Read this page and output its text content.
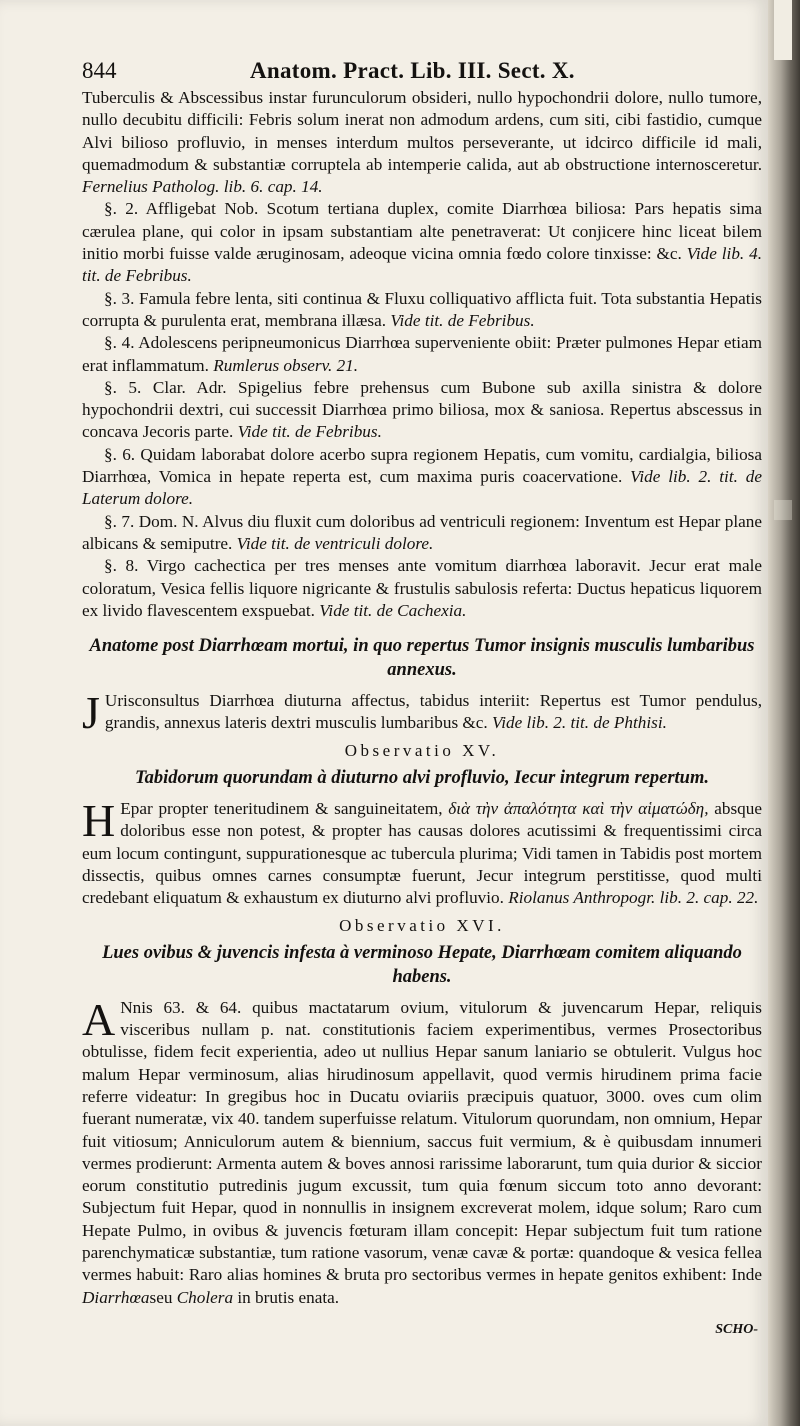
844	Anatom. Pract. Lib. III. Sect. X.

Tuberculis & Abscessibus instar furunculorum obsideri, nullo hypochondrii dolore, nullo tumore, nullo decubitu difficili: Febris solum inerat non admodum ardens, cum siti, cibi fastidio, cumque Alvi bilioso profluvio, in menses interdum multos perseverante, ut idcirco difficile id mali, quemadmodum & substantiæ corruptela ab intemperie calida, aut ab obstructione internosceretur. Fernelius Patholog. lib. 6. cap. 14.

§. 2. Affligebat Nob. Scotum tertiana duplex, comite Diarrhœa biliosa: Pars hepatis sima cærulea plane, qui color in ipsam substantiam alte penetraverat: Ut conjicere hinc liceat bilem initio morbi fuisse valde æruginosam, adeoque vicina omnia fœdo colore tinxisse: &c. Vide lib. 4. tit. de Febribus.

§. 3. Famula febre lenta, siti continua & Fluxu colliquativo afflicta fuit. Tota substantia Hepatis corrupta & purulenta erat, membrana illæsa. Vide tit. de Febribus.

§. 4. Adolescens peripneumonicus Diarrhœa superveniente obiit: Præter pulmones Hepar etiam erat inflammatum. Rumlerus observ. 21.

§. 5. Clar. Adr. Spigelius febre prehensus cum Bubone sub axilla sinistra & dolore hypochondrii dextri, cui successit Diarrhœa primo biliosa, mox & saniosa. Repertus abscessus in concava Jecoris parte. Vide tit. de Febribus.

§. 6. Quidam laborabat dolore acerbo supra regionem Hepatis, cum vomitu, cardialgia, biliosa Diarrhœa, Vomica in hepate reperta est, cum maxima puris coacervatione. Vide lib. 2. tit. de Laterum dolore.

§. 7. Dom. N. Alvus diu fluxit cum doloribus ad ventriculi regionem: Inventum est Hepar plane albicans & semiputre. Vide tit. de ventriculi dolore.

§. 8. Virgo cachectica per tres menses ante vomitum diarrhœa laboravit. Jecur erat male coloratum, Vesica fellis liquore nigricante & frustulis sabulosis referta: Ductus hepaticus liquorem ex livido flavescentem exspuebat. Vide tit. de Cachexia.

Anatome post Diarrhœam mortui, in quo repertus Tumor insignis musculis lumbaribus annexus.

J Urisconsultus Diarrhœa diuturna affectus, tabidus interiit: Repertus est Tumor pendulus, grandis, annexus lateris dextri musculis lumbaribus &c. Vide lib. 2. tit. de Phthisi.

Observatio XV.
Tabidorum quorundam à diuturno alvi profluvio, Iecur integrum repertum.

H Epar propter teneritudinem & sanguineitatem, διὰ τὴν ἀπαλότητα καὶ τὴν αἱματώδη, absque doloribus esse non potest, & propter has causas dolores acutissimi & frequentissimi circa eum locum contingunt, suppurationesque ac tubercula plurima; Vidi tamen in Tabidis post mortem dissectis, quibus omnes carnes consumptæ fuerunt, Jecur integrum perstitisse, quod multi credebant eliquatum & exhaustum ex diuturno alvi profluvio. Riolanus Anthropogr. lib. 2. cap. 22.

Observatio XVI.
Lues ovibus & juvencis infesta à verminoso Hepate, Diarrhœam comitem aliquando habens.

A Nnis 63. & 64. quibus mactatarum ovium, vitulorum & juvencarum Hepar, reliquis visceribus nullam p. nat. constitutionis faciem experimentibus, vermes Prosectoribus obtulisse, fidem fecit experientia, adeo ut nullius Hepar sanum laniario se obtulerit. Vulgus hoc malum Hepar verminosum, alias hirudinosum appellavit, quod vermis hirudinem prima facie referre videatur: In gregibus hoc in Ducatu oviariis præcipuis quatuor, 3000. oves cum olim fuerant numeratæ, vix 40. tandem superfuisse relatum. Vitulorum quorundam, non omnium, Hepar fuit vitiosum; Anniculorum autem & biennium, saccus fuit vermium, & è quibusdam innumeri vermes prodierunt: Armenta autem & boves annosi rarissime laborarunt, tum quia durior & siccior eorum constitutio putredinis jugum excussit, tum quia fœnum siccum toto anno devorant: Subjectum fuit Hepar, quod in nonnullis in insignem excreverat molem, idque solum; Raro cum Hepate Pulmo, in ovibus & juvencis fœturam illam concepit: Hepar subjectum fuit tum ratione parenchymaticæ substantiæ, tum ratione vasorum, venæ cavæ & portæ: quandoque & vesica fellea vermes habuit: Raro alias homines & bruta pro sectoribus vermes in hepate genitos exhibent: Inde Diarrhœaseu Cholera in brutis enata.

SCHO-
